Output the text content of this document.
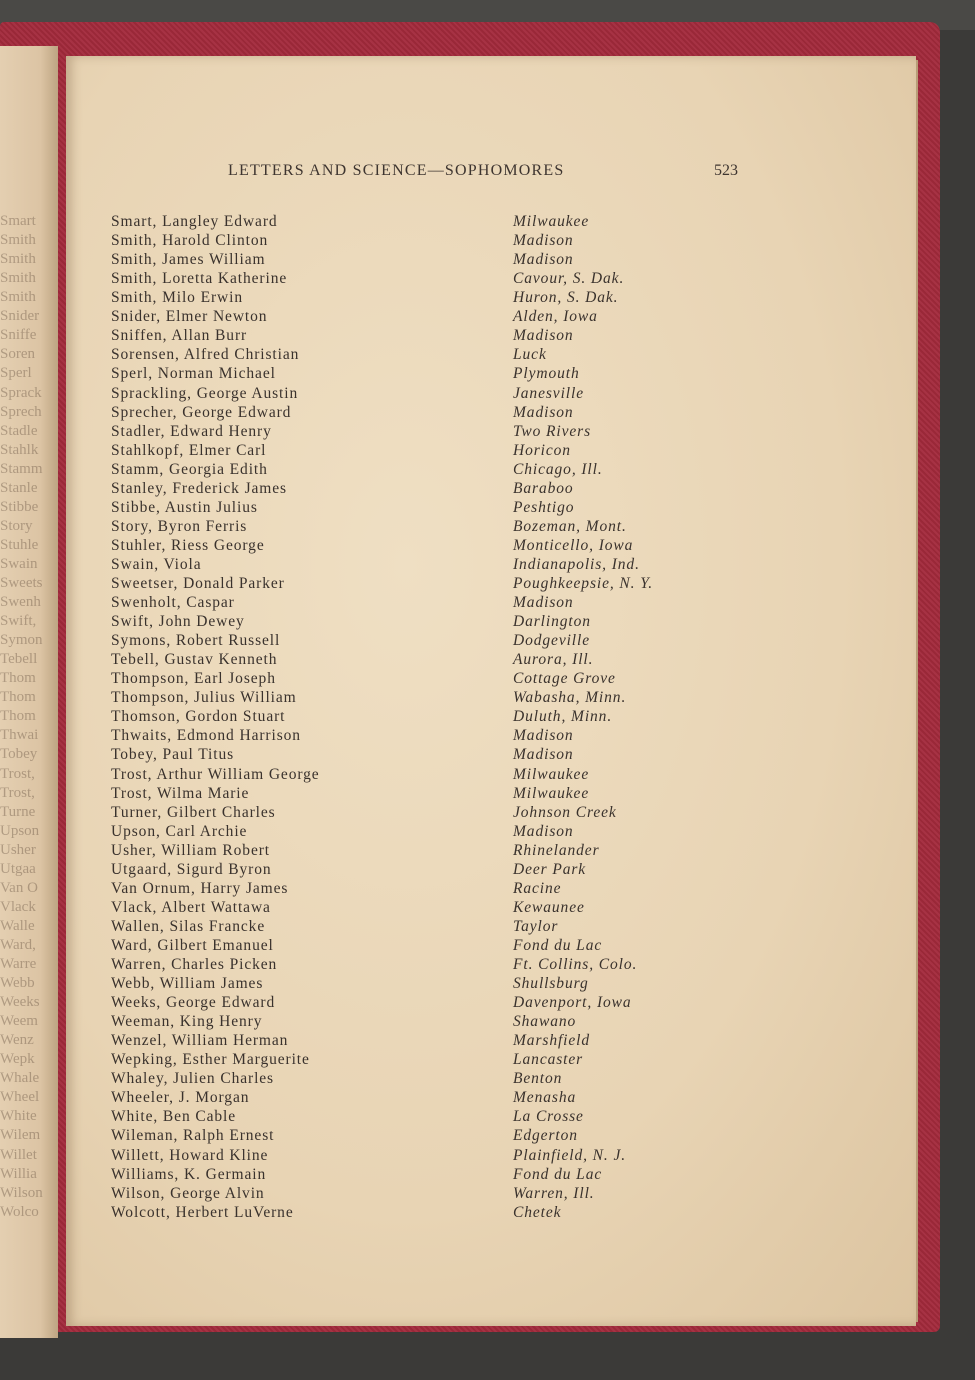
Smart
Smith
Smith
Smith
Smith
Snider
Sniffe
Soren
Sperl
Sprack
Sprech
Stadle
Stahlk
Stamm
Stanle
Stibbe
Story
Stuhle
Swain
Sweets
Swenh
Swift,
Symon
Tebell
Thom
Thom
Thom
Thwai
Tobey
Trost,
Trost,
Turne
Upson
Usher
Utgaa
Van O
Vlack
Walle
Ward,
Warre
Webb
Weeks
Weem
Wenz
Wepk
Whale
Wheel
White
Wilem
Willet
Willia
Wilson
Wolco
LETTERS AND SCIENCE—SOPHOMORES	523
Smart, Langley Edward	Milwaukee
Smith, Harold Clinton	Madison
Smith, James William	Madison
Smith, Loretta Katherine	Cavour, S. Dak.
Smith, Milo Erwin	Huron, S. Dak.
Snider, Elmer Newton	Alden, Iowa
Sniffen, Allan Burr	Madison
Sorensen, Alfred Christian	Luck
Sperl, Norman Michael	Plymouth
Sprackling, George Austin	Janesville
Sprecher, George Edward	Madison
Stadler, Edward Henry	Two Rivers
Stahlkopf, Elmer Carl	Horicon
Stamm, Georgia Edith	Chicago, Ill.
Stanley, Frederick James	Baraboo
Stibbe, Austin Julius	Peshtigo
Story, Byron Ferris	Bozeman, Mont.
Stuhler, Riess George	Monticello, Iowa
Swain, Viola	Indianapolis, Ind.
Sweetser, Donald Parker	Poughkeepsie, N. Y.
Swenholt, Caspar	Madison
Swift, John Dewey	Darlington
Symons, Robert Russell	Dodgeville
Tebell, Gustav Kenneth	Aurora, Ill.
Thompson, Earl Joseph	Cottage Grove
Thompson, Julius William	Wabasha, Minn.
Thomson, Gordon Stuart	Duluth, Minn.
Thwaits, Edmond Harrison	Madison
Tobey, Paul Titus	Madison
Trost, Arthur William George	Milwaukee
Trost, Wilma Marie	Milwaukee
Turner, Gilbert Charles	Johnson Creek
Upson, Carl Archie	Madison
Usher, William Robert	Rhinelander
Utgaard, Sigurd Byron	Deer Park
Van Ornum, Harry James	Racine
Vlack, Albert Wattawa	Kewaunee
Wallen, Silas Francke	Taylor
Ward, Gilbert Emanuel	Fond du Lac
Warren, Charles Picken	Ft. Collins, Colo.
Webb, William James	Shullsburg
Weeks, George Edward	Davenport, Iowa
Weeman, King Henry	Shawano
Wenzel, William Herman	Marshfield
Wepking, Esther Marguerite	Lancaster
Whaley, Julien Charles	Benton
Wheeler, J. Morgan	Menasha
White, Ben Cable	La Crosse
Wileman, Ralph Ernest	Edgerton
Willett, Howard Kline	Plainfield, N. J.
Williams, K. Germain	Fond du Lac
Wilson, George Alvin	Warren, Ill.
Wolcott, Herbert LuVerne	Chetek
